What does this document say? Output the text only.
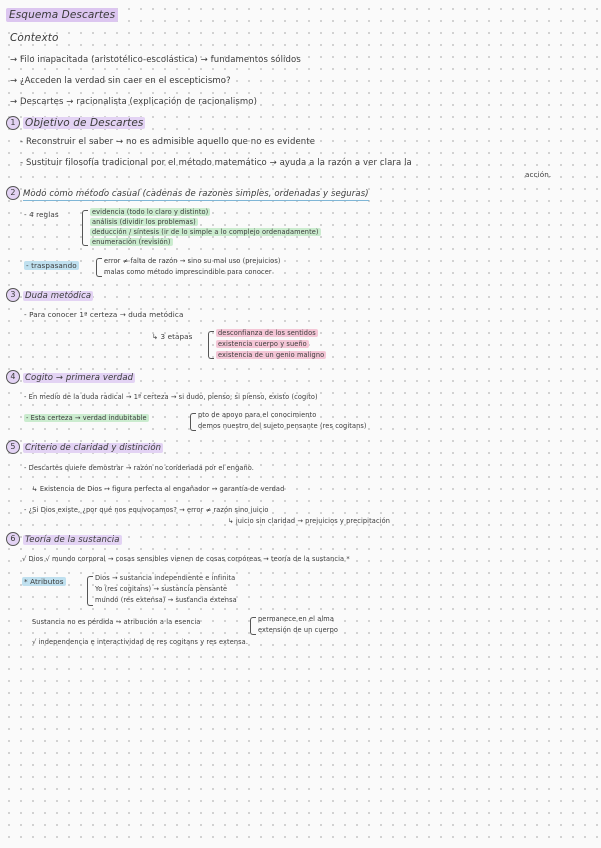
Esquema Descartes
Contexto
→ Filo inapacitada (aristotélico-escolástica) → fundamentos sólidos
→ ¿Acceden la verdad sin caer en el escepticismo?
→ Descartes → racionalista (explicación de racionalismo)
1 Objetivo de Descartes
- Reconstruir el saber → no es admisible aquello que no es evidente
- Sustituir filosofía tradicional por el método matemático → ayuda a la razón a ver clara la
acción.
2 Modo como método casual (cadenas de razones simples, ordenadas y seguras)
- 4 reglas	evidencia (todo lo claro y distinto)
análisis (dividir los problemas)
deducción / síntesis (ir de lo simple a lo complejo ordenadamente)
enumeración (revisión)
- traspasando	error ≠ falta de razón → sino su mal uso (prejuicios)
malas como método imprescindible para conocer
3 Duda metódica
- Para conocer 1ª certeza → duda metódica
↳ 3 etapas	desconfianza de los sentidos
existencia cuerpo y sueño
existencia de un genio maligno
4 Cogito → primera verdad
- En medio de la duda radical → 1ª certeza → si dudo, pienso; si pienso, existo (cogito)
- Esta certeza → verdad indubitable	pto de apoyo para el conocimiento
demos nuestro del sujeto pensante (res cogitans)
5 Criterio de claridad y distinción
- Descartes quiere demostrar → razón no condenada por el engaño.
↳ Existencia de Dios → figura perfecta al engañador → garantía de verdad
- ¿Si Dios existe, ¿por qué nos equivocamos? → error ≠ razón sino juicio
↳ juicio sin claridad → prejuicios y precipitación
6 Teoría de la sustancia
√ Dios √ mundo corporal → cosas sensibles vienen de cosas corpóreas → teoría de la sustancia *
* Atributos	Dios → sustancia independiente e infinita
Yo (res cogitans) → sustancia pensante
mundo (res extensa) → sustancia extensa
Sustancia no es pérdida → atribución a la esencia	permanece en el alma
extensión de un cuerpo
√ independencia e interactividad de res cogitans y res extensa.
